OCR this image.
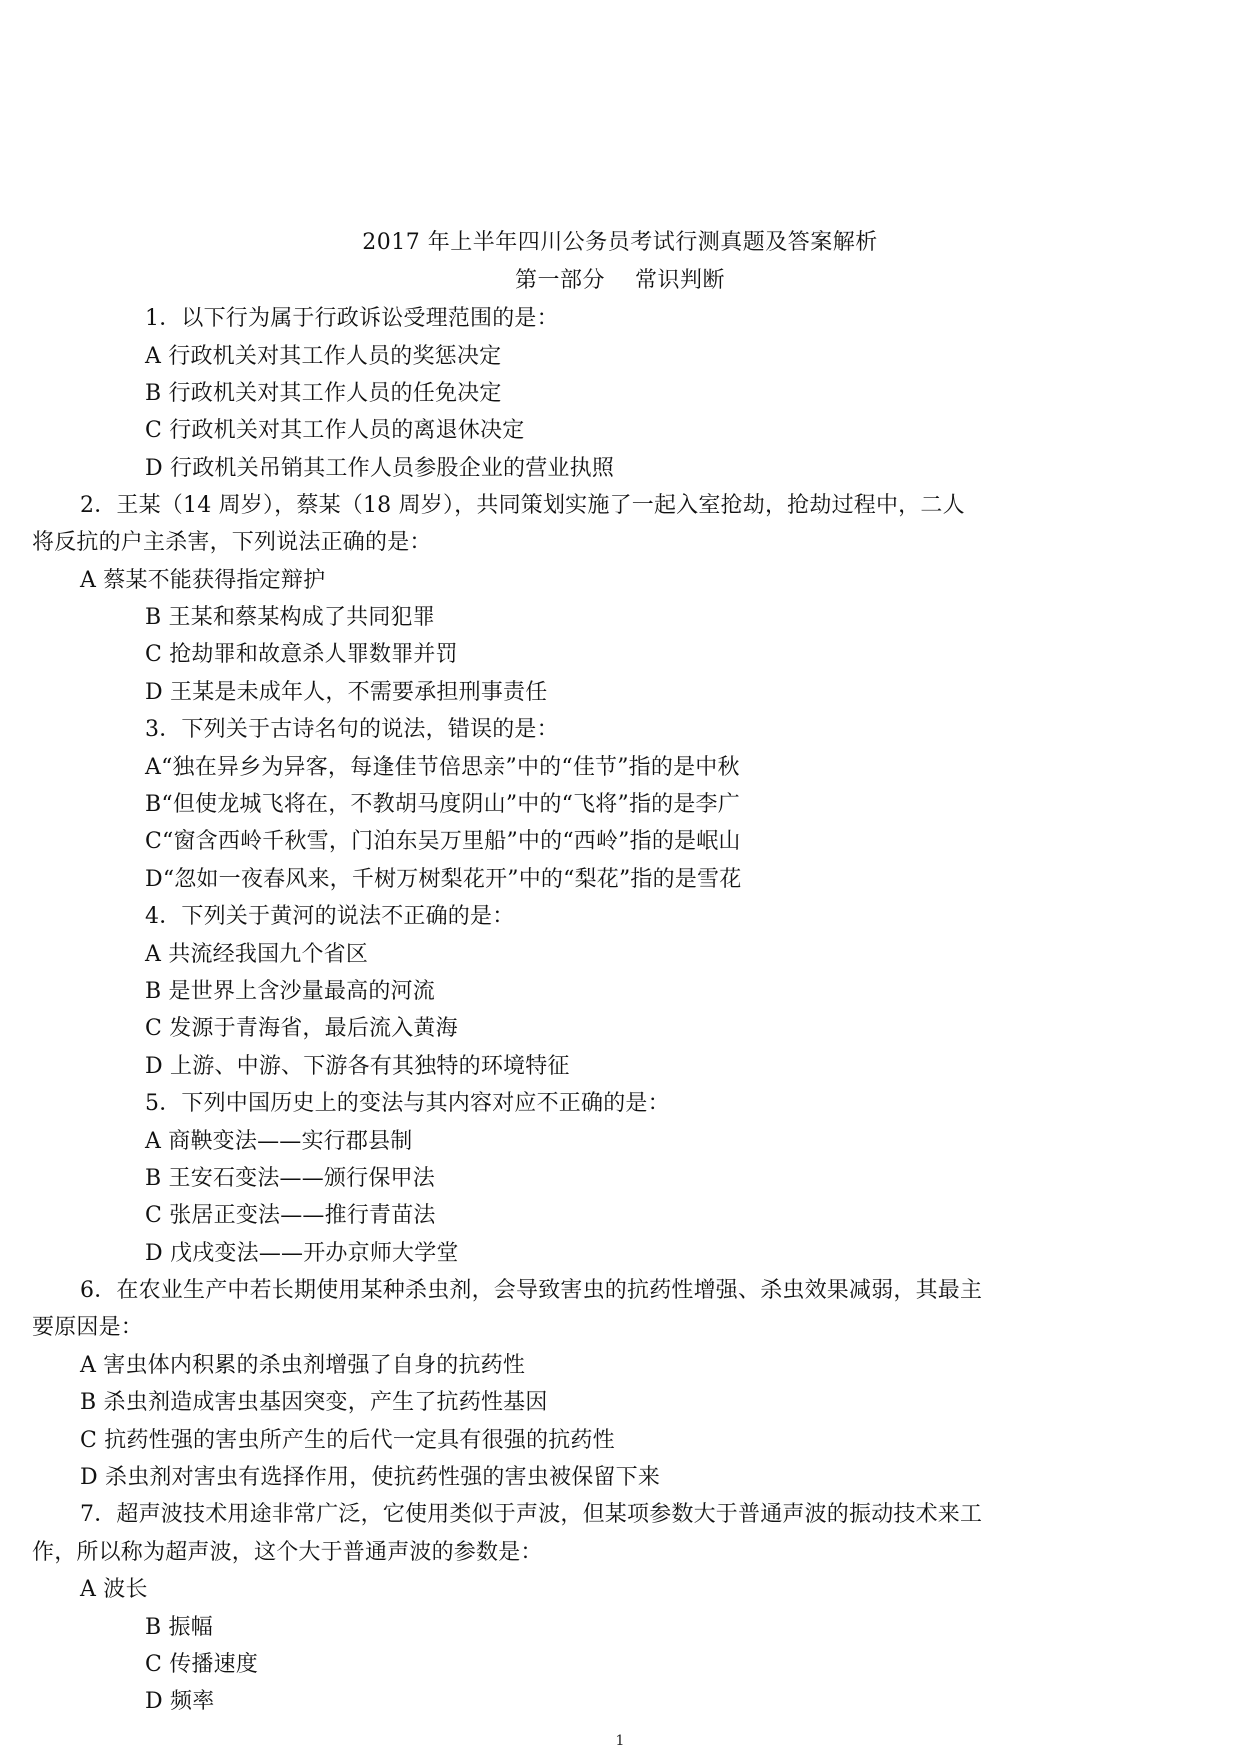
2017 年上半年四川公务员考试行测真题及答案解析
第一部分　 常识判断
1．以下行为属于行政诉讼受理范围的是：
A 行政机关对其工作人员的奖惩决定
B 行政机关对其工作人员的任免决定
C 行政机关对其工作人员的离退休决定
D 行政机关吊销其工作人员参股企业的营业执照
2．王某（14 周岁），蔡某（18 周岁），共同策划实施了一起入室抢劫，抢劫过程中，二人
将反抗的户主杀害，下列说法正确的是：
A 蔡某不能获得指定辩护
B 王某和蔡某构成了共同犯罪
C 抢劫罪和故意杀人罪数罪并罚
D 王某是未成年人，不需要承担刑事责任
3．下列关于古诗名句的说法，错误的是：
A“独在异乡为异客，每逢佳节倍思亲”中的“佳节”指的是中秋
B“但使龙城飞将在，不教胡马度阴山”中的“飞将”指的是李广
C“窗含西岭千秋雪，门泊东吴万里船”中的“西岭”指的是岷山
D“忽如一夜春风来，千树万树梨花开”中的“梨花”指的是雪花
4．下列关于黄河的说法不正确的是：
A 共流经我国九个省区
B 是世界上含沙量最高的河流
C 发源于青海省，最后流入黄海
D 上游、中游、下游各有其独特的环境特征
5．下列中国历史上的变法与其内容对应不正确的是：
A 商鞅变法——实行郡县制
B 王安石变法——颁行保甲法
C 张居正变法——推行青苗法
D 戊戌变法——开办京师大学堂
6．在农业生产中若长期使用某种杀虫剂，会导致害虫的抗药性增强、杀虫效果减弱，其最主
要原因是：
A 害虫体内积累的杀虫剂增强了自身的抗药性
B 杀虫剂造成害虫基因突变，产生了抗药性基因
C 抗药性强的害虫所产生的后代一定具有很强的抗药性
D 杀虫剂对害虫有选择作用，使抗药性强的害虫被保留下来
7．超声波技术用途非常广泛，它使用类似于声波，但某项参数大于普通声波的振动技术来工
作，所以称为超声波，这个大于普通声波的参数是：
A 波长
B 振幅
C 传播速度
D 频率
1
